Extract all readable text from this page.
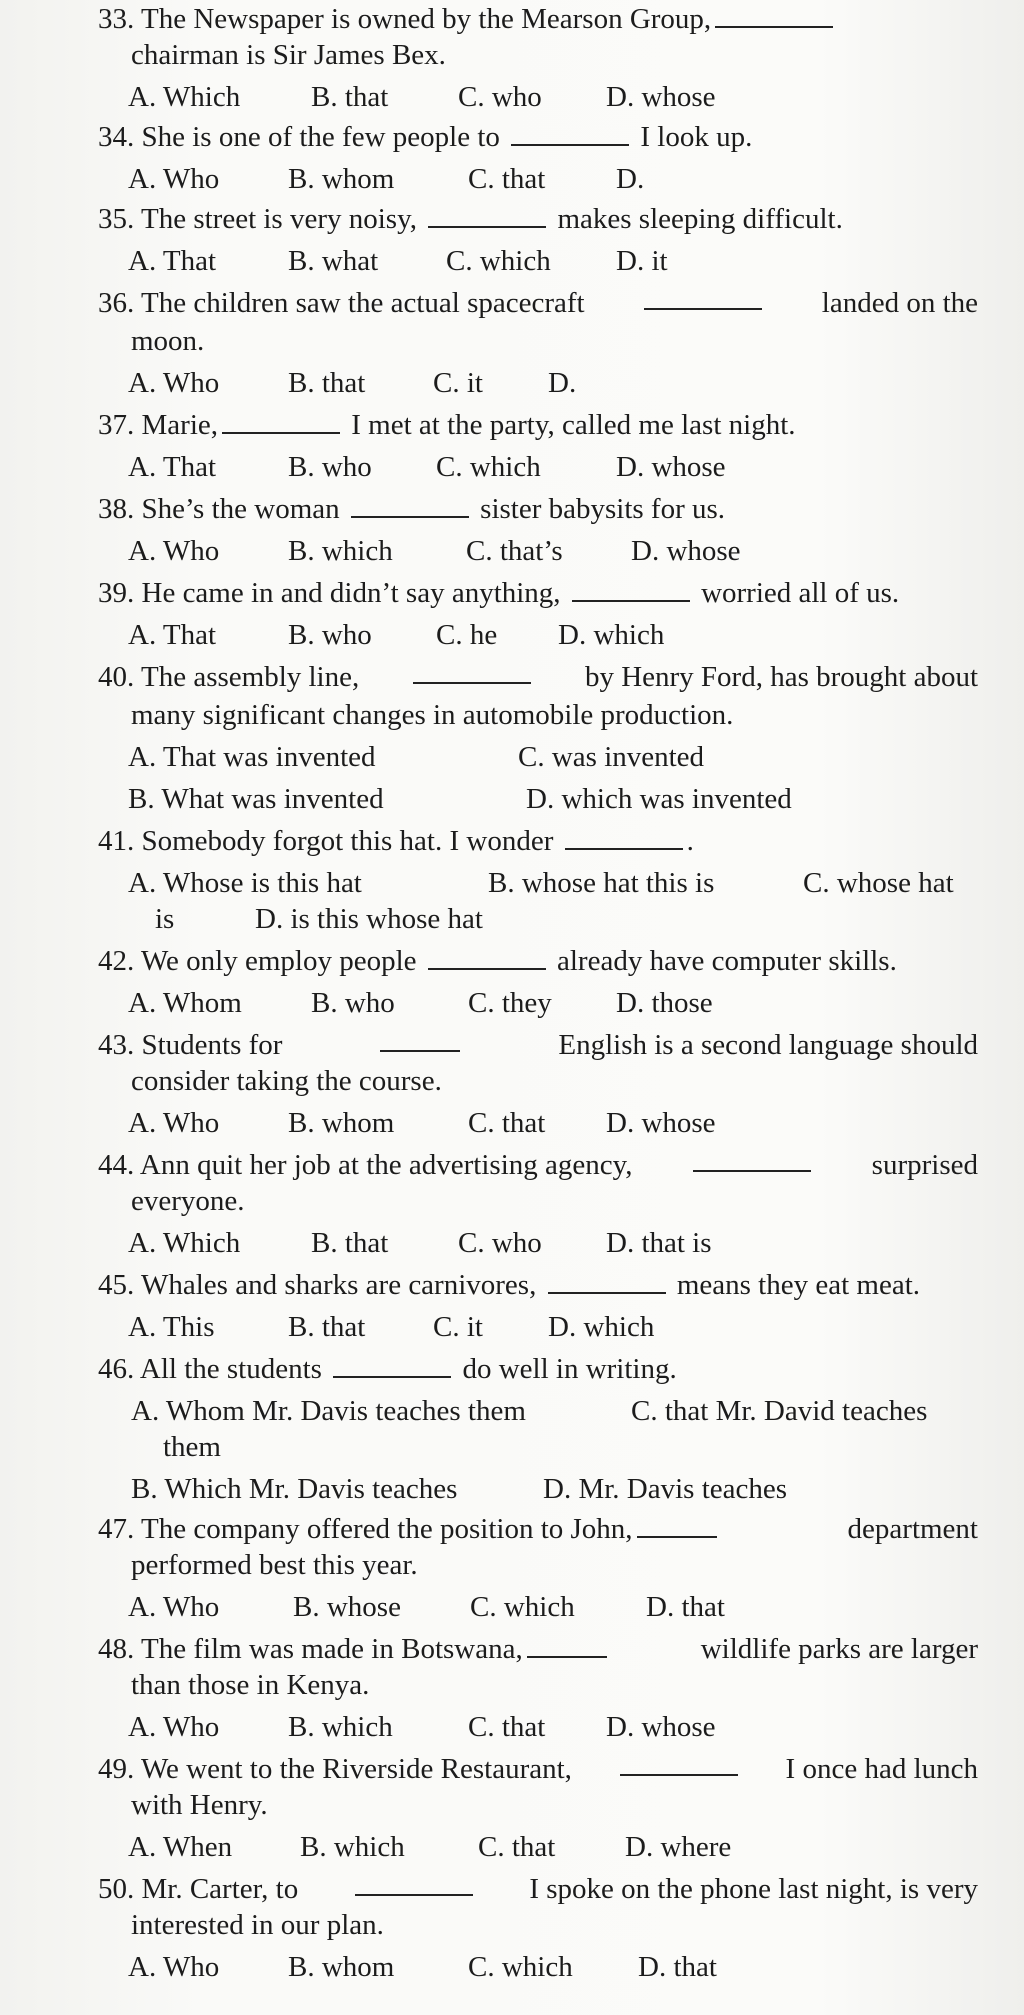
33. The Newspaper is owned by the Mearson Group,
chairman is Sir James Bex.
A. Which B. that C. who D. whose
34. She is one of the few people to	I look up.
A. Who B. whom	C. that D.
35. The street is very noisy,	makes sleeping difficult.
A. That B. what C. which D. it
36. The children saw the actual spacecraft	landed on the
moon.
A. Who B. that C. it D.
37. Marie,	I met at the party, called me last night.
A. That B. who C. which	D. whose
38. She’s the woman	sister babysits for us.
A. Who B. which	C. that’s D. whose
39. He came in and didn’t say anything,	worried all of us.
A. That B. who C. he D. which
40. The assembly line,	by Henry Ford, has brought about
many significant changes in automobile production.
A. That was invented	C. was invented
B. What was invented	D. which was invented
41. Somebody forgot this hat. I wonder	.
A. Whose is this hat	B. whose hat this is	C. whose hat
is	D. is this whose hat
42. We only employ people	already have computer skills.
A. Whom B. who	C. they D. those
43. Students for	English is a second language should
consider taking the course.
A. Who B. whom	C. that D. whose
44. Ann quit her job at the advertising agency,	surprised
everyone.
A. Which B. that C. who D. that is
45. Whales and sharks are carnivores,	means they eat meat.
A. This	B. that C. it D. which
46. All the students	do well in writing.
A. Whom Mr. Davis teaches them	C. that Mr. David teaches
them
B. Which Mr. Davis teaches	D. Mr. Davis teaches
47. The company offered the position to John,	department
performed best this year.
A. Who	B. whose C. which D. that
48. The film was made in Botswana,	wildlife parks are larger
than those in Kenya.
A. Who B. which	C. that D. whose
49. We went to the Riverside Restaurant,	I once had lunch
with Henry.
A. When B. which	C. that D. where
50. Mr. Carter, to	I spoke on the phone last night, is very
interested in our plan.
A. Who B. whom	C. which D. that
